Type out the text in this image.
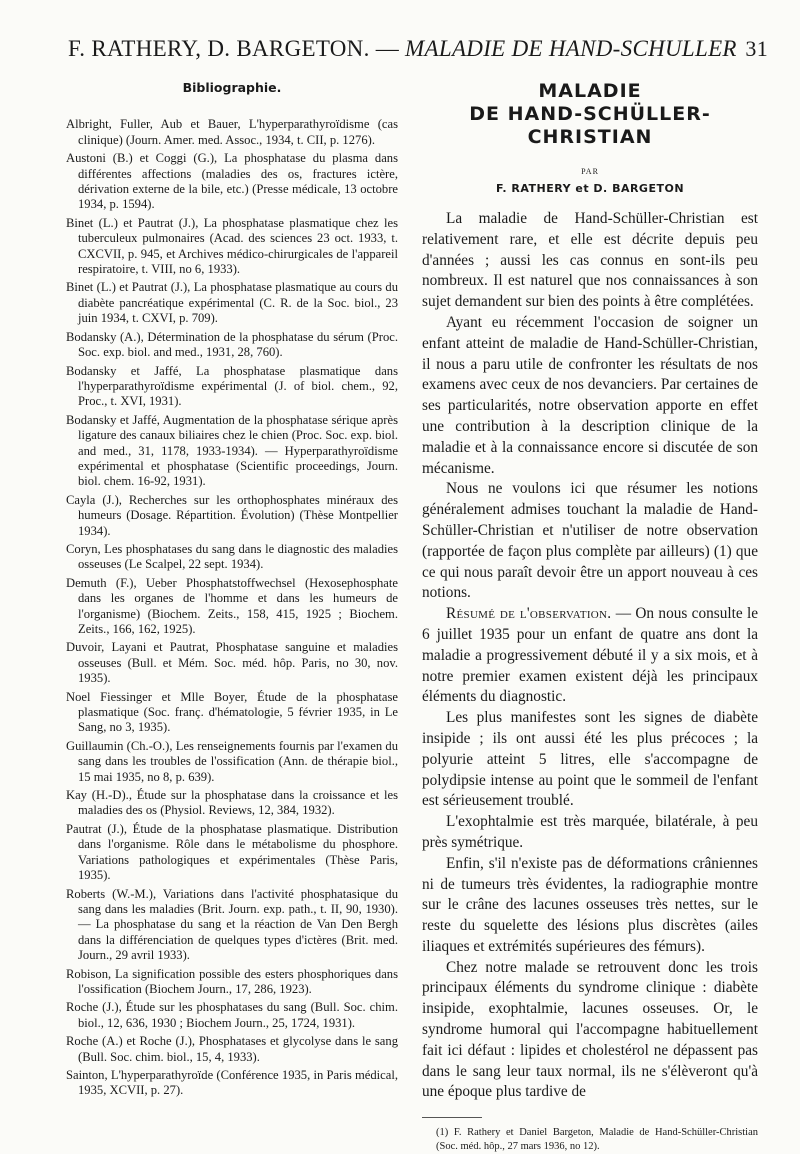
F. RATHERY, D. BARGETON. — MALADIE DE HAND-SCHULLER 31
Bibliographie.
Albright, Fuller, Aub et Bauer, L'hyperparathyroïdisme (cas clinique) (Journ. Amer. med. Assoc., 1934, t. CII, p. 1276).
Austoni (B.) et Coggi (G.), La phosphatase du plasma dans différentes affections (maladies des os, fractures ictère, dérivation externe de la bile, etc.) (Presse médicale, 13 octobre 1934, p. 1594).
Binet (L.) et Pautrat (J.), La phosphatase plasmatique chez les tuberculeux pulmonaires (Acad. des sciences 23 oct. 1933, t. CXCVII, p. 945, et Archives médico-chirurgicales de l'appareil respiratoire, t. VIII, no 6, 1933).
Binet (L.) et Pautrat (J.), La phosphatase plasmatique au cours du diabète pancréatique expérimental (C. R. de la Soc. biol., 23 juin 1934, t. CXVI, p. 709).
Bodansky (A.), Détermination de la phosphatase du sérum (Proc. Soc. exp. biol. and med., 1931, 28, 760).
Bodansky et Jaffé, La phosphatase plasmatique dans l'hyperparathyroïdisme expérimental (J. of biol. chem., 92, Proc., t. XVI, 1931).
Bodansky et Jaffé, Augmentation de la phosphatase sérique après ligature des canaux biliaires chez le chien (Proc. Soc. exp. biol. and med., 31, 1178, 1933-1934). — Hyperparathyroïdisme expérimental et phosphatase (Scientific proceedings, Journ. biol. chem. 16-92, 1931).
Cayla (J.), Recherches sur les orthophosphates minéraux des humeurs (Dosage. Répartition. Évolution) (Thèse Montpellier 1934).
Coryn, Les phosphatases du sang dans le diagnostic des maladies osseuses (Le Scalpel, 22 sept. 1934).
Demuth (F.), Ueber Phosphatstoffwechsel (Hexosephosphate dans les organes de l'homme et dans les humeurs de l'organisme) (Biochem. Zeits., 158, 415, 1925 ; Biochem. Zeits., 166, 162, 1925).
Duvoir, Layani et Pautrat, Phosphatase sanguine et maladies osseuses (Bull. et Mém. Soc. méd. hôp. Paris, no 30, nov. 1935).
Noel Fiessinger et Mlle Boyer, Étude de la phosphatase plasmatique (Soc. franç. d'hématologie, 5 février 1935, in Le Sang, no 3, 1935).
Guillaumin (Ch.-O.), Les renseignements fournis par l'examen du sang dans les troubles de l'ossification (Ann. de thérapie biol., 15 mai 1935, no 8, p. 639).
Kay (H.-D)., Étude sur la phosphatase dans la croissance et les maladies des os (Physiol. Reviews, 12, 384, 1932).
Pautrat (J.), Étude de la phosphatase plasmatique. Distribution dans l'organisme. Rôle dans le métabolisme du phosphore. Variations pathologiques et expérimentales (Thèse Paris, 1935).
Roberts (W.-M.), Variations dans l'activité phosphatasique du sang dans les maladies (Brit. Journ. exp. path., t. II, 90, 1930). — La phosphatase du sang et la réaction de Van Den Bergh dans la différenciation de quelques types d'ictères (Brit. med. Journ., 29 avril 1933).
Robison, La signification possible des esters phosphoriques dans l'ossification (Biochem Journ., 17, 286, 1923).
Roche (J.), Étude sur les phosphatases du sang (Bull. Soc. chim. biol., 12, 636, 1930 ; Biochem Journ., 25, 1724, 1931).
Roche (A.) et Roche (J.), Phosphatases et glycolyse dans le sang (Bull. Soc. chim. biol., 15, 4, 1933).
Sainton, L'hyperparathyroïde (Conférence 1935, in Paris médical, 1935, XCVII, p. 27).
MALADIE
DE HAND-SCHÜLLER-
CHRISTIAN
PAR
F. RATHERY et D. BARGETON

La maladie de Hand-Schüller-Christian est relativement rare, et elle est décrite depuis peu d'années ; aussi les cas connus en sont-ils peu nombreux. Il est naturel que nos connaissances à son sujet demandent sur bien des points à être complétées.

Ayant eu récemment l'occasion de soigner un enfant atteint de maladie de Hand-Schüller-Christian, il nous a paru utile de confronter les résultats de nos examens avec ceux de nos devanciers. Par certaines de ses particularités, notre observation apporte en effet une contribution à la description clinique de la maladie et à la connaissance encore si discutée de son mécanisme.

Nous ne voulons ici que résumer les notions généralement admises touchant la maladie de Hand-Schüller-Christian et n'utiliser de notre observation (rapportée de façon plus complète par ailleurs) (1) que ce qui nous paraît devoir être un apport nouveau à ces notions.

Résumé de l'observation. — On nous consulte le 6 juillet 1935 pour un enfant de quatre ans dont la maladie a progressivement débuté il y a six mois, et à notre premier examen existent déjà les principaux éléments du diagnostic.

Les plus manifestes sont les signes de diabète insipide ; ils ont aussi été les plus précoces ; la polyurie atteint 5 litres, elle s'accompagne de polydipsie intense au point que le sommeil de l'enfant est sérieusement troublé.

L'exophtalmie est très marquée, bilatérale, à peu près symétrique.

Enfin, s'il n'existe pas de déformations crâniennes ni de tumeurs très évidentes, la radiographie montre sur le crâne des lacunes osseuses très nettes, sur le reste du squelette des lésions plus discrètes (ailes iliaques et extrémités supérieures des fémurs).

Chez notre malade se retrouvent donc les trois principaux éléments du syndrome clinique : diabète insipide, exophtalmie, lacunes osseuses. Or, le syndrome humoral qui l'accompagne habituellement fait ici défaut : lipides et cholestérol ne dépassent pas dans le sang leur taux normal, ils ne s'élèveront qu'à une époque plus tardive de

(1) F. Rathery et Daniel Bargeton, Maladie de Hand-Schüller-Christian (Soc. méd. hôp., 27 mars 1936, no 12).
